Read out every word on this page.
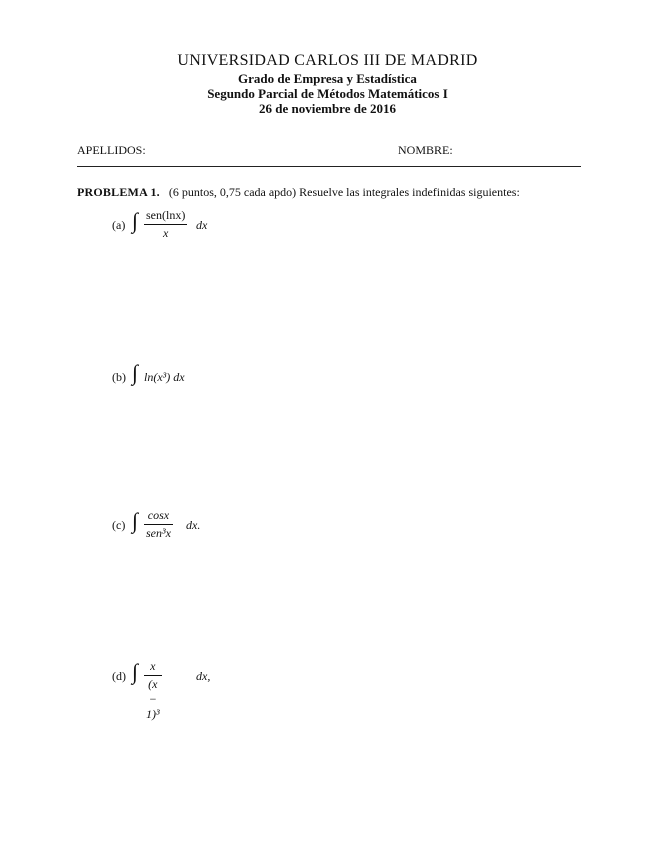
UNIVERSIDAD CARLOS III DE MADRID
Grado de Empresa y Estadística
Segundo Parcial de Métodos Matemáticos I
26 de noviembre de 2016
APELLIDOS:	NOMBRE:
PROBLEMA 1. (6 puntos, 0,75 cada apdo) Resuelve las integrales indefinidas siguientes:
(a) ∫ sen(lnx)
x
dx
(b) ∫ ln(x³) dx
(c) ∫ cosx
sen³x
dx.
(d) ∫	x
(x − 1)³
dx,
